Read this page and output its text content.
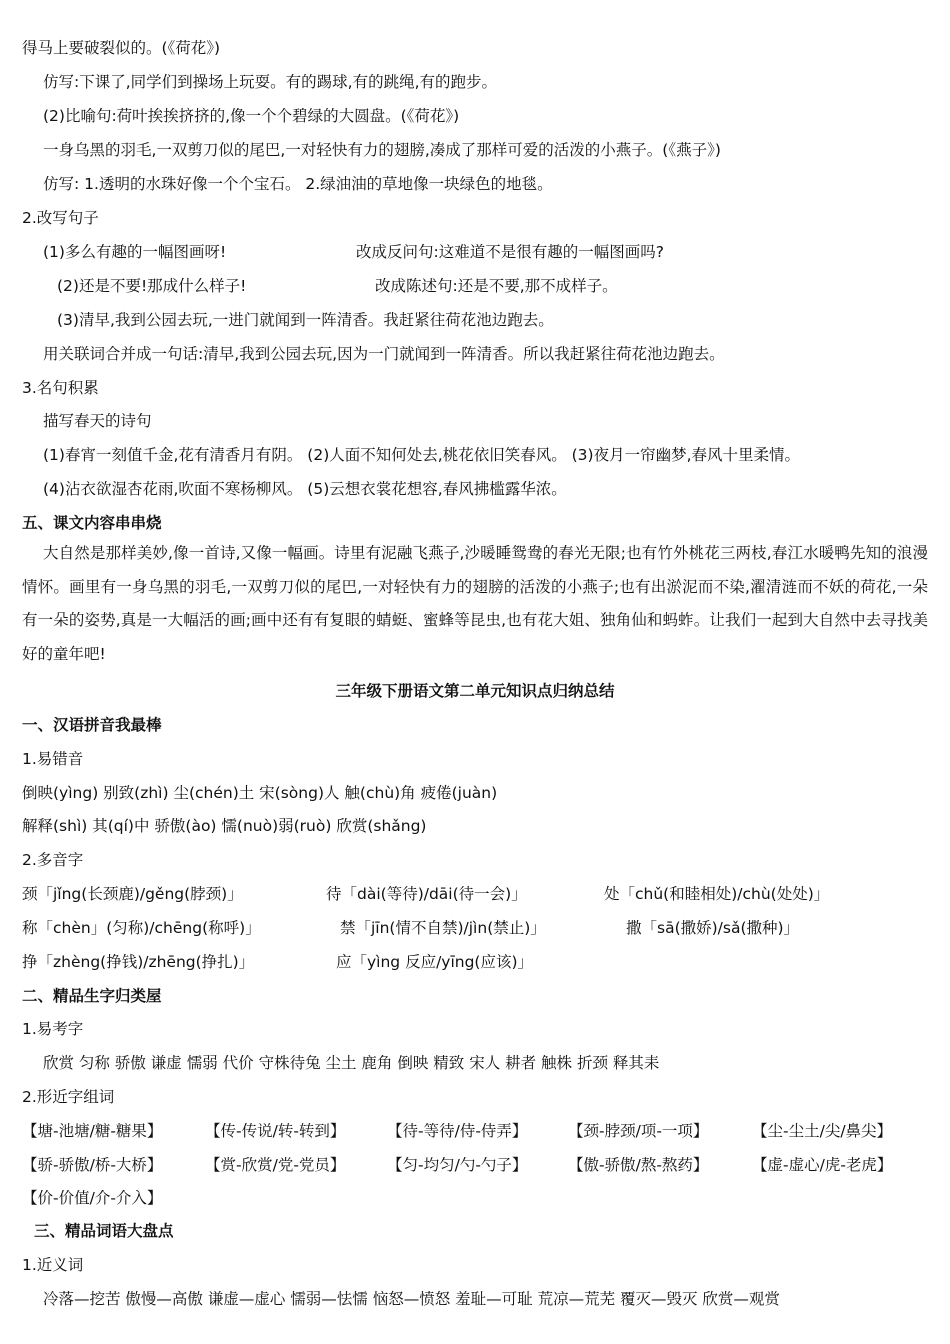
得马上要破裂似的。(《荷花》)
仿写:下课了,同学们到操场上玩耍。有的踢球,有的跳绳,有的跑步。
(2)比喻句:荷叶挨挨挤挤的,像一个个碧绿的大圆盘。(《荷花》)
一身乌黑的羽毛,一双剪刀似的尾巴,一对轻快有力的翅膀,凑成了那样可爱的活泼的小燕子。(《燕子》)
仿写: 1.透明的水珠好像一个个宝石。 2.绿油油的草地像一块绿色的地毯。
2.改写句子
(1)多么有趣的一幅图画呀!	改成反问句:这难道不是很有趣的一幅图画吗?
(2)还是不要!那成什么样子!	改成陈述句:还是不要,那不成样子。
(3)清早,我到公园去玩,一进门就闻到一阵清香。我赶紧往荷花池边跑去。
用关联词合并成一句话:清早,我到公园去玩,因为一门就闻到一阵清香。所以我赶紧往荷花池边跑去。
3.名句积累
描写春天的诗句
(1)春宵一刻值千金,花有清香月有阴。 (2)人面不知何处去,桃花依旧笑春风。 (3)夜月一帘幽梦,春风十里柔情。
(4)沾衣欲湿杏花雨,吹面不寒杨柳风。 (5)云想衣裳花想容,春风拂槛露华浓。
五、课文内容串串烧
大自然是那样美妙,像一首诗,又像一幅画。诗里有泥融飞燕子,沙暖睡鸳鸯的春光无限;也有竹外桃花三两枝,春江水暖鸭先知的浪漫情怀。画里有一身乌黑的羽毛,一双剪刀似的尾巴,一对轻快有力的翅膀的活泼的小燕子;也有出淤泥而不染,濯清涟而不妖的荷花,一朵有一朵的姿势,真是一大幅活的画;画中还有有复眼的蜻蜓、蜜蜂等昆虫,也有花大姐、独角仙和蚂蚱。让我们一起到大自然中去寻找美好的童年吧!
三年级下册语文第二单元知识点归纳总结
一、汉语拼音我最棒
1.易错音
倒映(yìng) 别致(zhì) 尘(chén)土 宋(sòng)人 触(chù)角 疲倦(juàn)
解释(shì) 其(qí)中 骄傲(ào) 懦(nuò)弱(ruò) 欣赏(shǎng)
2.多音字
颈「jǐng(长颈鹿)/gěng(脖颈)」	待「dài(等待)/dāi(待一会)」	处「chǔ(和睦相处)/chù(处处)」
称「chèn」(匀称)/chēng(称呼)」	禁「jīn(情不自禁)/jìn(禁止)」	撒「sā(撒娇)/sǎ(撒种)」
挣「zhèng(挣钱)/zhēng(挣扎)」	应「yìng 反应/yīng(应该)」
二、精品生字归类屋
1.易考字
欣赏 匀称 骄傲 谦虚 懦弱 代价 守株待兔 尘土 鹿角 倒映 精致 宋人 耕者 触株 折颈 释其耒
2.形近字组词
【塘-池塘/糖-糖果】	【传-传说/转-转到】	【待-等待/侍-侍弄】	【颈-脖颈/项-一项】	【尘-尘土/尖/鼻尖】
【骄-骄傲/桥-大桥】	【赏-欣赏/党-党员】	【匀-均匀/勺-勺子】	【傲-骄傲/熬-熬药】	【虚-虚心/虎-老虎】
【价-价值/介-介入】
三、精品词语大盘点
1.近义词
冷落—挖苦 傲慢—高傲 谦虚—虚心 懦弱—怯懦 恼怒—愤怒 羞耻—可耻 荒凉—荒芜 覆灭—毁灭 欣赏—观赏
